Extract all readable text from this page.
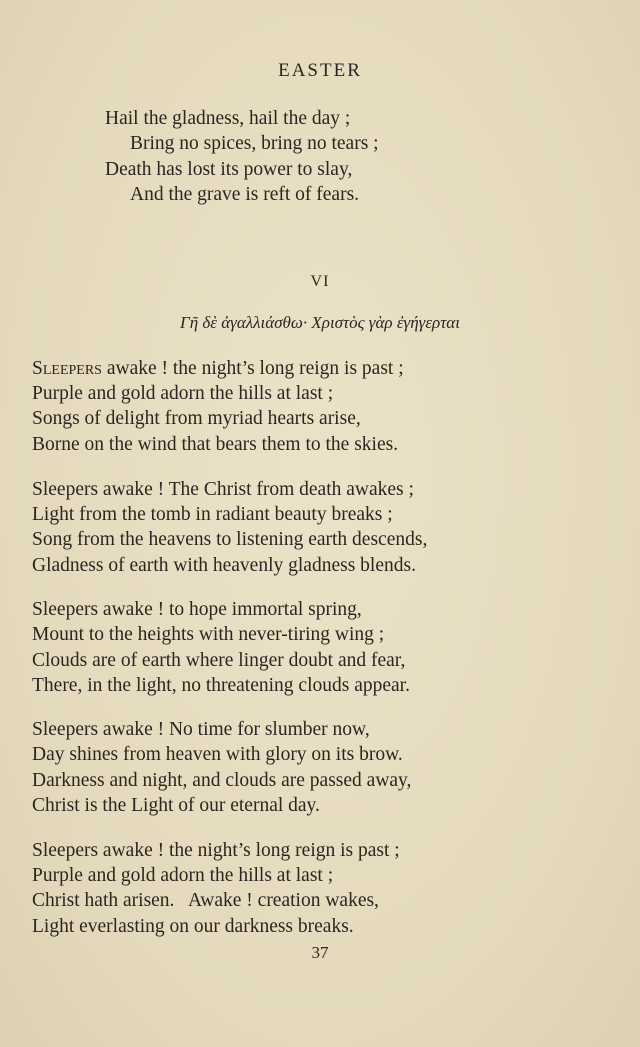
EASTER
Hail the gladness, hail the day ;
Bring no spices, bring no tears ;
Death has lost its power to slay,
And the grave is reft of fears.
VI
Γῆ δὲ ἀγαλλιάσθω· Χριστὸς γὰρ ἐγήγερται
Sleepers awake ! the night’s long reign is past ;
Purple and gold adorn the hills at last ;
Songs of delight from myriad hearts arise,
Borne on the wind that bears them to the skies.
Sleepers awake ! The Christ from death awakes ;
Light from the tomb in radiant beauty breaks ;
Song from the heavens to listening earth descends,
Gladness of earth with heavenly gladness blends.
Sleepers awake ! to hope immortal spring,
Mount to the heights with never-tiring wing ;
Clouds are of earth where linger doubt and fear,
There, in the light, no threatening clouds appear.
Sleepers awake ! No time for slumber now,
Day shines from heaven with glory on its brow.
Darkness and night, and clouds are passed away,
Christ is the Light of our eternal day.
Sleepers awake ! the night’s long reign is past ;
Purple and gold adorn the hills at last ;
Christ hath arisen.   Awake ! creation wakes,
Light everlasting on our darkness breaks.
37
